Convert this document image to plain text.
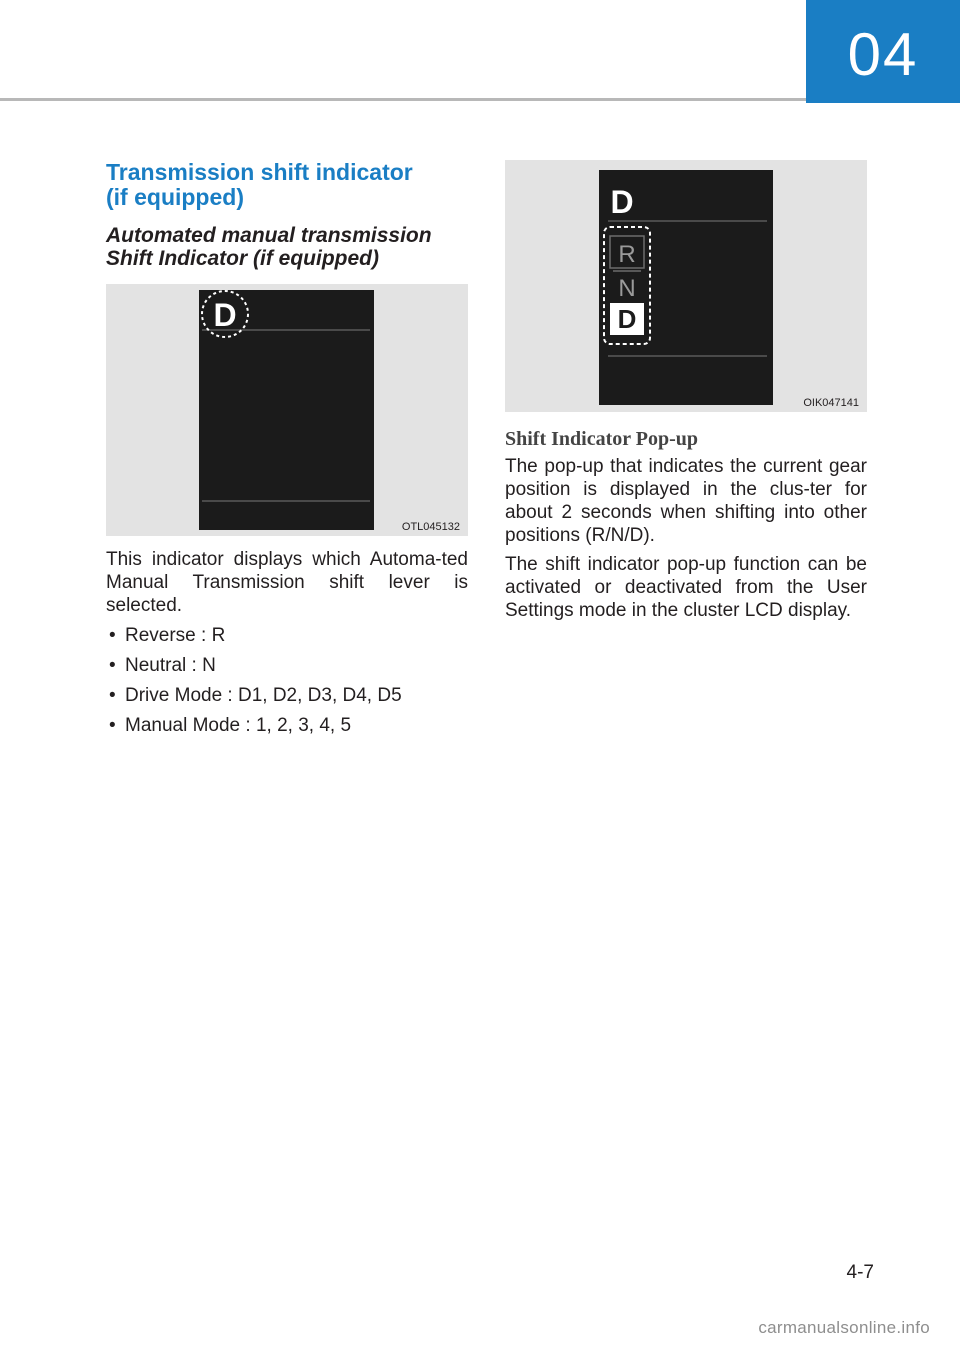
04
Transmission shift indicator
(if equipped)
Automated manual transmission
Shift Indicator (if equipped)
D
OTL045132

This indicator displays which Automa-ted Manual Transmission shift lever is selected.

• Reverse : R
• Neutral : N
• Drive Mode : D1, D2, D3, D4, D5
• Manual Mode : 1, 2, 3, 4, 5
D
R
N
D
OIK047141
Shift Indicator Pop-up

The pop-up that indicates the current gear position is displayed in the clus-ter for about 2 seconds when shifting into other positions (R/N/D).

The shift indicator pop-up function can be activated or deactivated from the User Settings mode in the cluster LCD display.

4-7
carmanualsonline.info
